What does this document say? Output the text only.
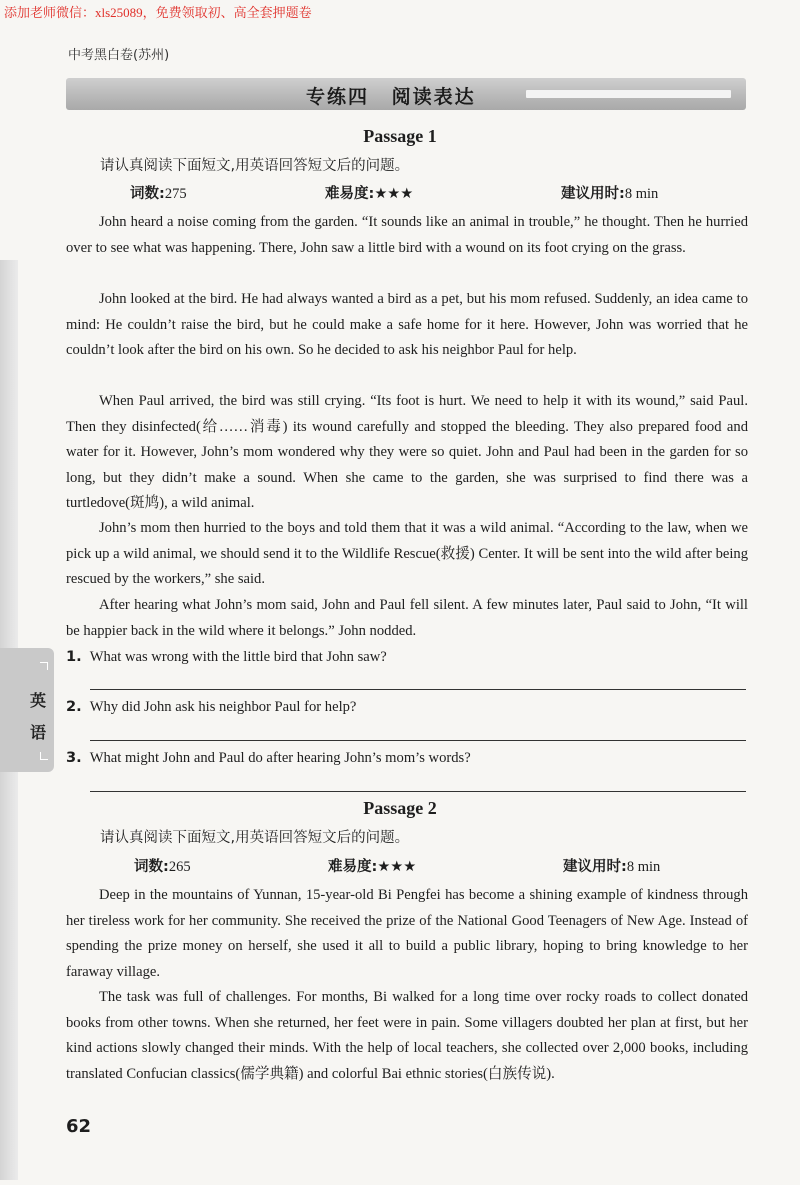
添加老师微信：xls25089，免费领取初、高全套押题卷
中考黑白卷(苏州)
专练四 阅读表达
英
语
Passage 1
请认真阅读下面短文,用英语回答短文后的问题。
词数:275	难易度:★★★	建议用时:8 min
John heard a noise coming from the garden. “It sounds like an animal in trouble,” he thought. Then he hurried over to see what was happening. There, John saw a little bird with a wound on its foot crying on the grass.
John looked at the bird. He had always wanted a bird as a pet, but his mom refused. Suddenly, an idea came to mind: He couldn’t raise the bird, but he could make a safe home for it here. However, John was worried that he couldn’t look after the bird on his own. So he decided to ask his neighbor Paul for help.
When Paul arrived, the bird was still crying. “Its foot is hurt. We need to help it with its wound,” said Paul. Then they disinfected(给……消毒) its wound carefully and stopped the bleeding. They also prepared food and water for it. However, John’s mom wondered why they were so quiet. John and Paul had been in the garden for so long, but they didn’t make a sound. When she came to the garden, she was surprised to find there was a turtledove(斑鸠), a wild animal.
John’s mom then hurried to the boys and told them that it was a wild animal. “According to the law, when we pick up a wild animal, we should send it to the Wildlife Rescue(救援) Center. It will be sent into the wild after being rescued by the workers,” she said.
After hearing what John’s mom said, John and Paul fell silent. A few minutes later, Paul said to John, “It will be happier back in the wild where it belongs.” John nodded.
1. What was wrong with the little bird that John saw?
2. Why did John ask his neighbor Paul for help?
3. What might John and Paul do after hearing John’s mom’s words?
Passage 2
请认真阅读下面短文,用英语回答短文后的问题。
词数:265	难易度:★★★	建议用时:8 min
Deep in the mountains of Yunnan, 15-year-old Bi Pengfei has become a shining example of kindness through her tireless work for her community. She received the prize of the National Good Teenagers of New Age. Instead of spending the prize money on herself, she used it all to build a public library, hoping to bring knowledge to her faraway village.
The task was full of challenges. For months, Bi walked for a long time over rocky roads to collect donated books from other towns. When she returned, her feet were in pain. Some villagers doubted her plan at first, but her kind actions slowly changed their minds. With the help of local teachers, she collected over 2,000 books, including translated Confucian classics(儒学典籍) and colorful Bai ethnic stories(白族传说).
62
